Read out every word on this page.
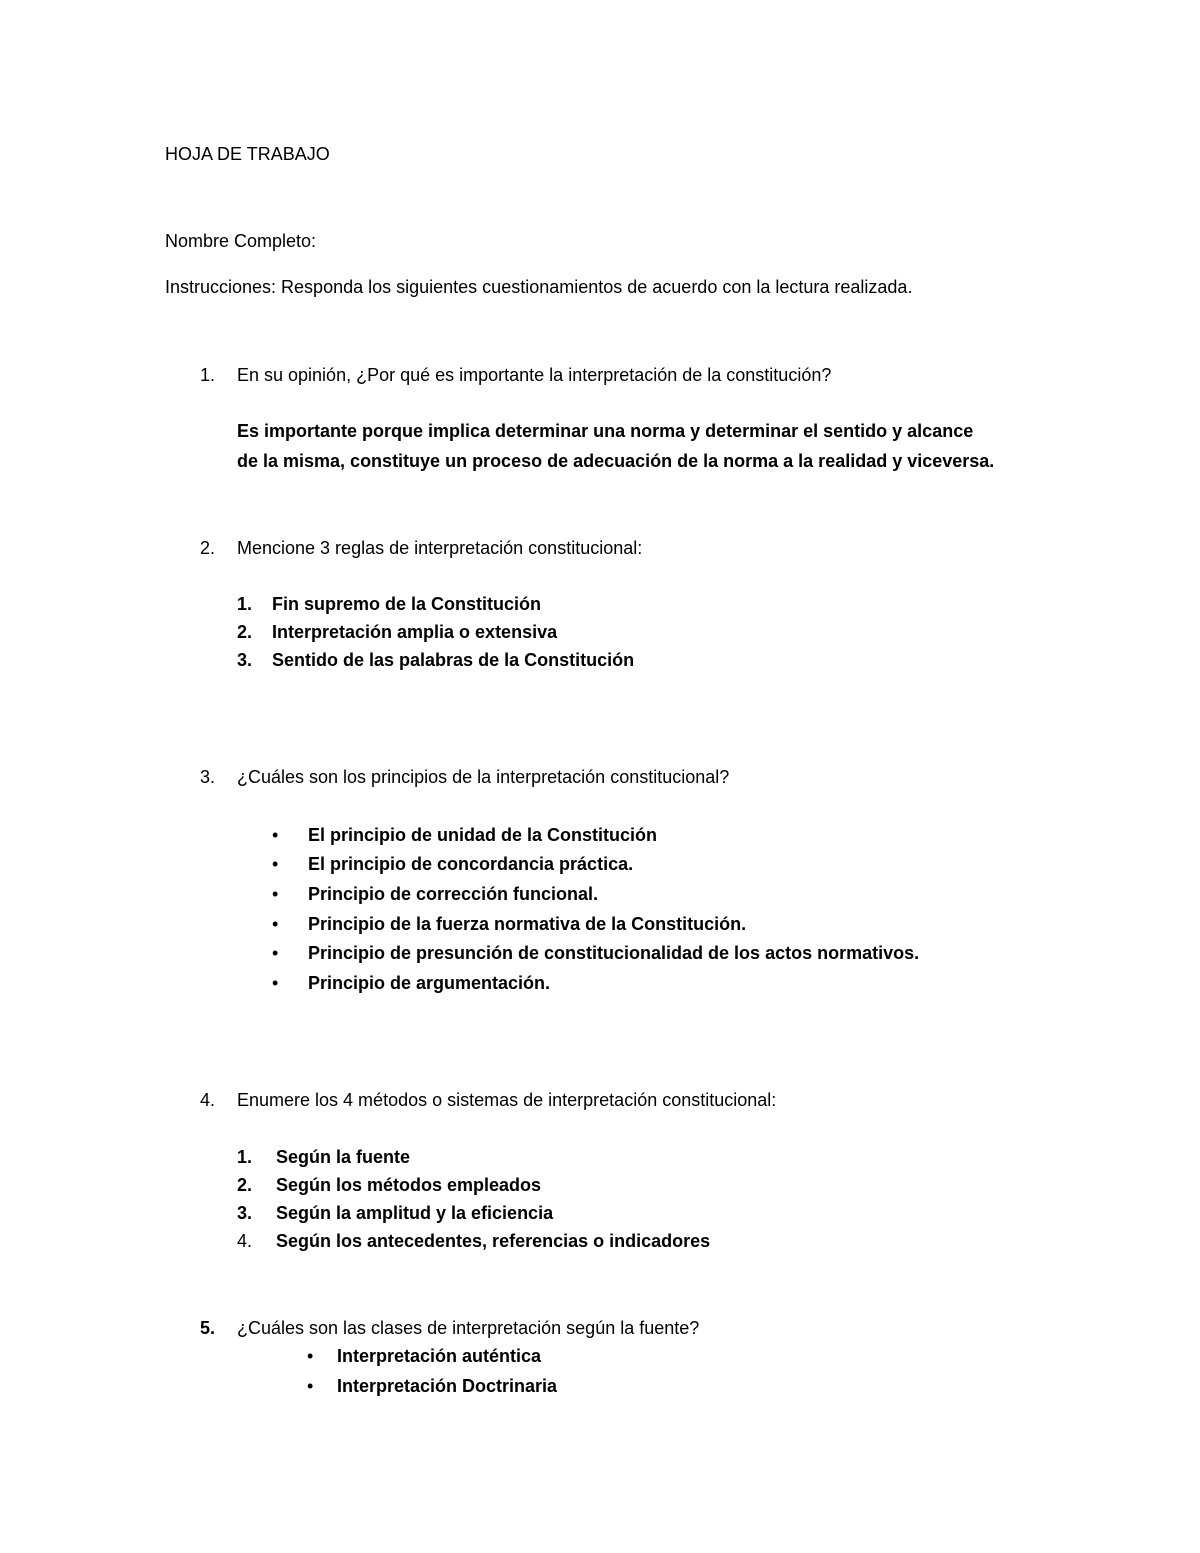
HOJA DE TRABAJO
Nombre Completo:
Instrucciones: Responda los siguientes cuestionamientos de acuerdo con la lectura realizada.
1. En su opinión, ¿Por qué es importante la interpretación de la constitución?
Es importante porque implica determinar una norma y determinar el sentido y alcance
de la misma, constituye un proceso de adecuación de la norma a la realidad y viceversa.
2. Mencione 3 reglas de interpretación constitucional:
1. Fin supremo de la Constitución
2. Interpretación amplia o extensiva
3. Sentido de las palabras de la Constitución
3. ¿Cuáles son los principios de la interpretación constitucional?
• El principio de unidad de la Constitución
• El principio de concordancia práctica.
• Principio de corrección funcional.
• Principio de la fuerza normativa de la Constitución.
• Principio de presunción de constitucionalidad de los actos normativos.
• Principio de argumentación.
4. Enumere los 4 métodos o sistemas de interpretación constitucional:
1. Según la fuente
2. Según los métodos empleados
3. Según la amplitud y la eficiencia
4. Según los antecedentes, referencias o indicadores
5. ¿Cuáles son las clases de interpretación según la fuente?
• Interpretación auténtica
• Interpretación Doctrinaria
